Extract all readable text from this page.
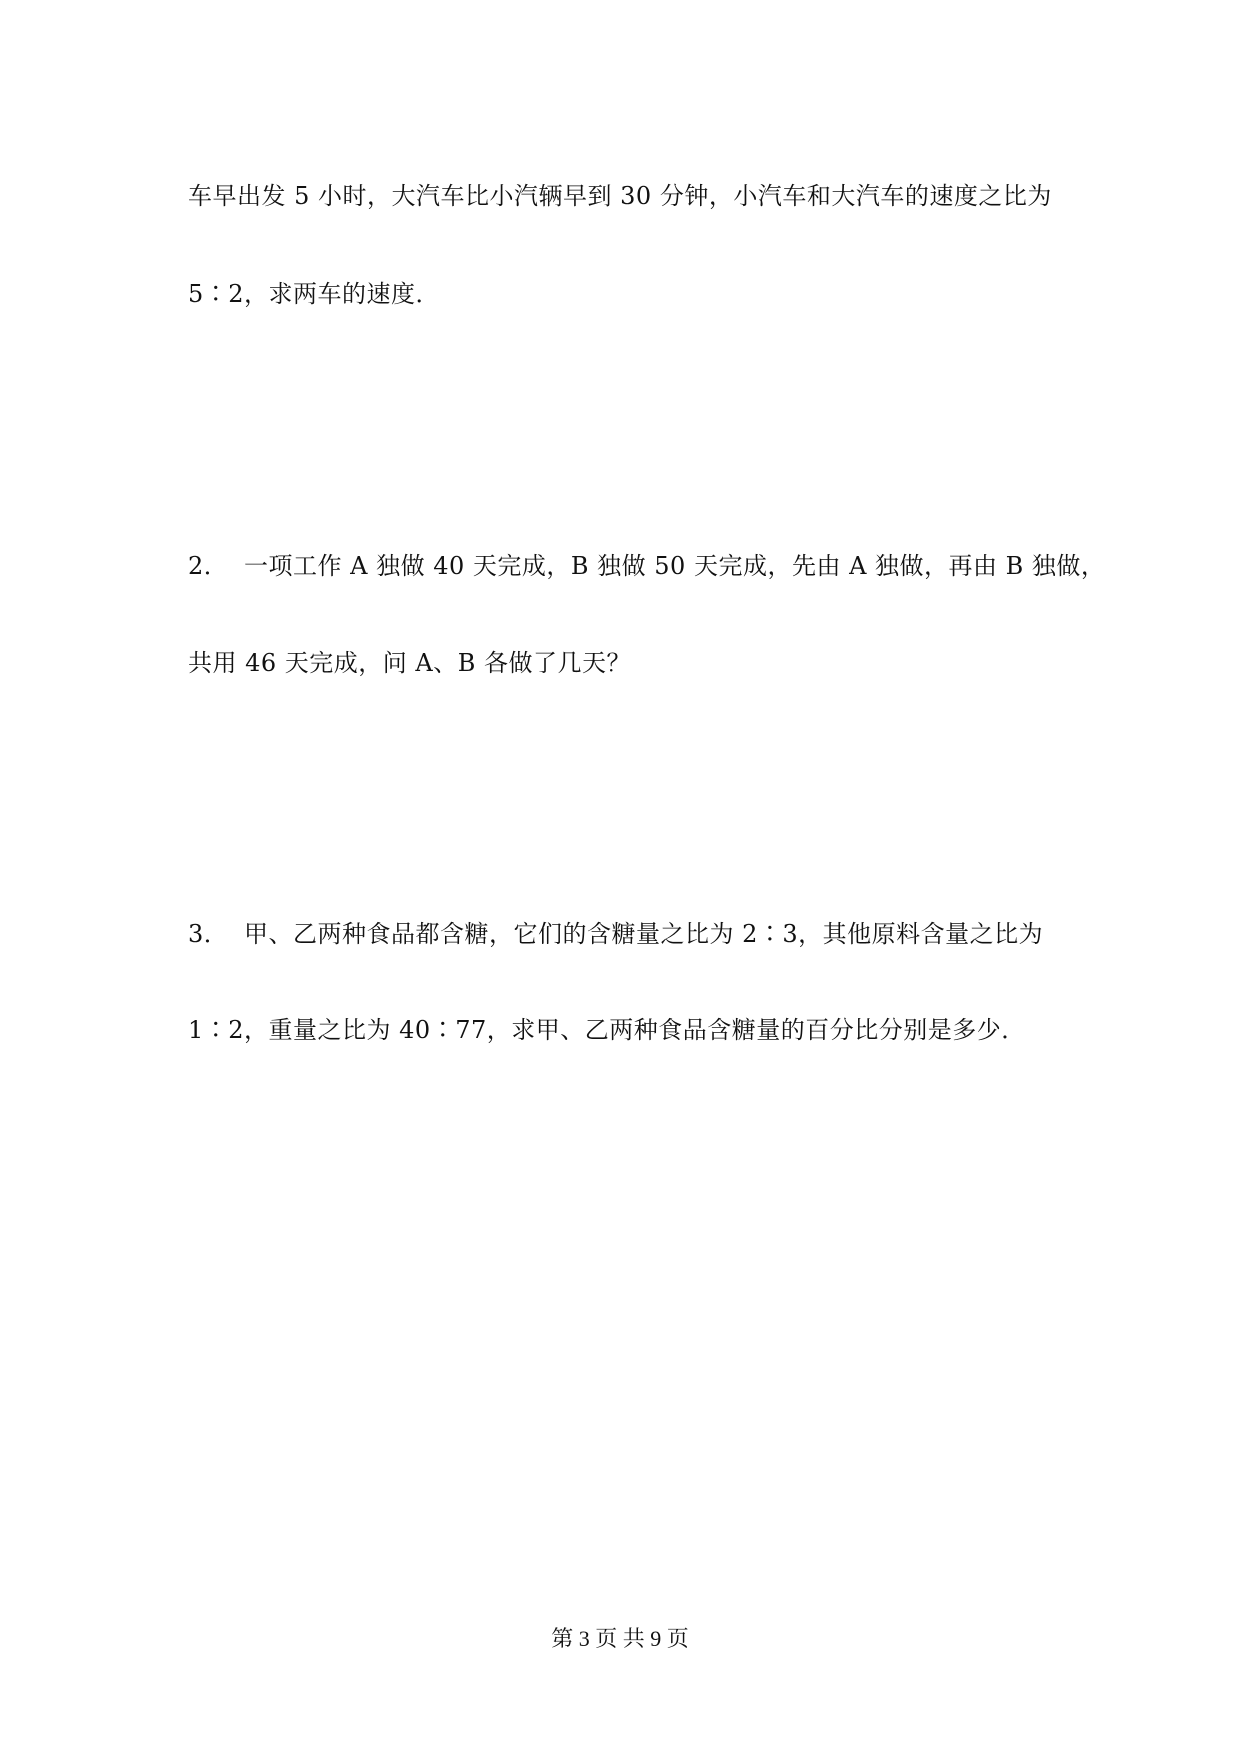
车早出发 5 小时，大汽车比小汽辆早到 30 分钟，小汽车和大汽车的速度之比为
5∶2，求两车的速度．
2． 一项工作 A 独做 40 天完成，B 独做 50 天完成，先由 A 独做，再由 B 独做，
共用 46 天完成，问 A、B 各做了几天？
3． 甲、乙两种食品都含糖，它们的含糖量之比为 2∶3，其他原料含量之比为
1∶2，重量之比为 40∶77，求甲、乙两种食品含糖量的百分比分别是多少．
第 3 页 共 9 页
